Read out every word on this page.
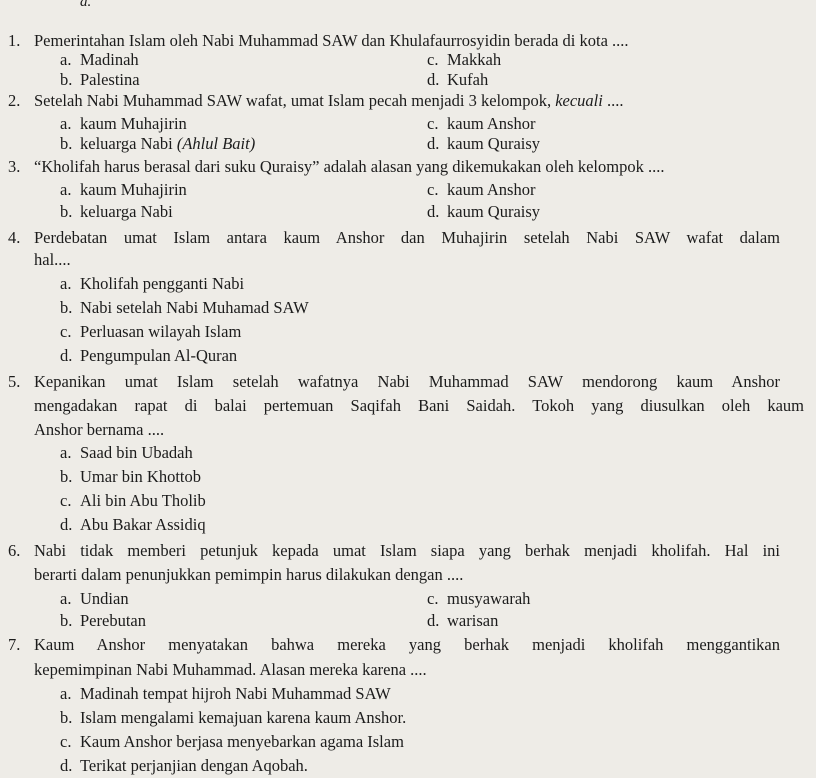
a.
1. Pemerintahan Islam oleh Nabi Muhammad SAW dan Khulafaurrosyidin berada di kota ....
a. Madinah	c. Makkah
b. Palestina	d. Kufah
2. Setelah Nabi Muhammad SAW wafat, umat Islam pecah menjadi 3 kelompok, kecuali ....
a. kaum Muhajirin	c. kaum Anshor
b. keluarga Nabi (Ahlul Bait)	d. kaum Quraisy
3. “Kholifah harus berasal dari suku Quraisy” adalah alasan yang dikemukakan oleh kelompok ....
a. kaum Muhajirin	c. kaum Anshor
b. keluarga Nabi	d. kaum Quraisy
4. Perdebatan umat Islam antara kaum Anshor dan Muhajirin setelah Nabi SAW wafat dalam
hal....
a. Kholifah pengganti Nabi
b. Nabi setelah Nabi Muhamad SAW
c. Perluasan wilayah Islam
d. Pengumpulan Al-Quran
5. Kepanikan umat Islam setelah wafatnya Nabi Muhammad SAW mendorong kaum Anshor
mengadakan rapat di balai pertemuan Saqifah Bani Saidah. Tokoh yang diusulkan oleh kaum
Anshor bernama ....
a. Saad bin Ubadah
b. Umar bin Khottob
c. Ali bin Abu Tholib
d. Abu Bakar Assidiq
6. Nabi tidak memberi petunjuk kepada umat Islam siapa yang berhak menjadi kholifah. Hal ini
berarti dalam penunjukkan pemimpin harus dilakukan dengan ....
a. Undian	c. musyawarah
b. Perebutan	d. warisan
7. Kaum Anshor menyatakan bahwa mereka yang berhak menjadi kholifah menggantikan
kepemimpinan Nabi Muhammad. Alasan mereka karena ....
a. Madinah tempat hijroh Nabi Muhammad SAW
b. Islam mengalami kemajuan karena kaum Anshor.
c. Kaum Anshor berjasa menyebarkan agama Islam
d. Terikat perjanjian dengan Aqobah.
